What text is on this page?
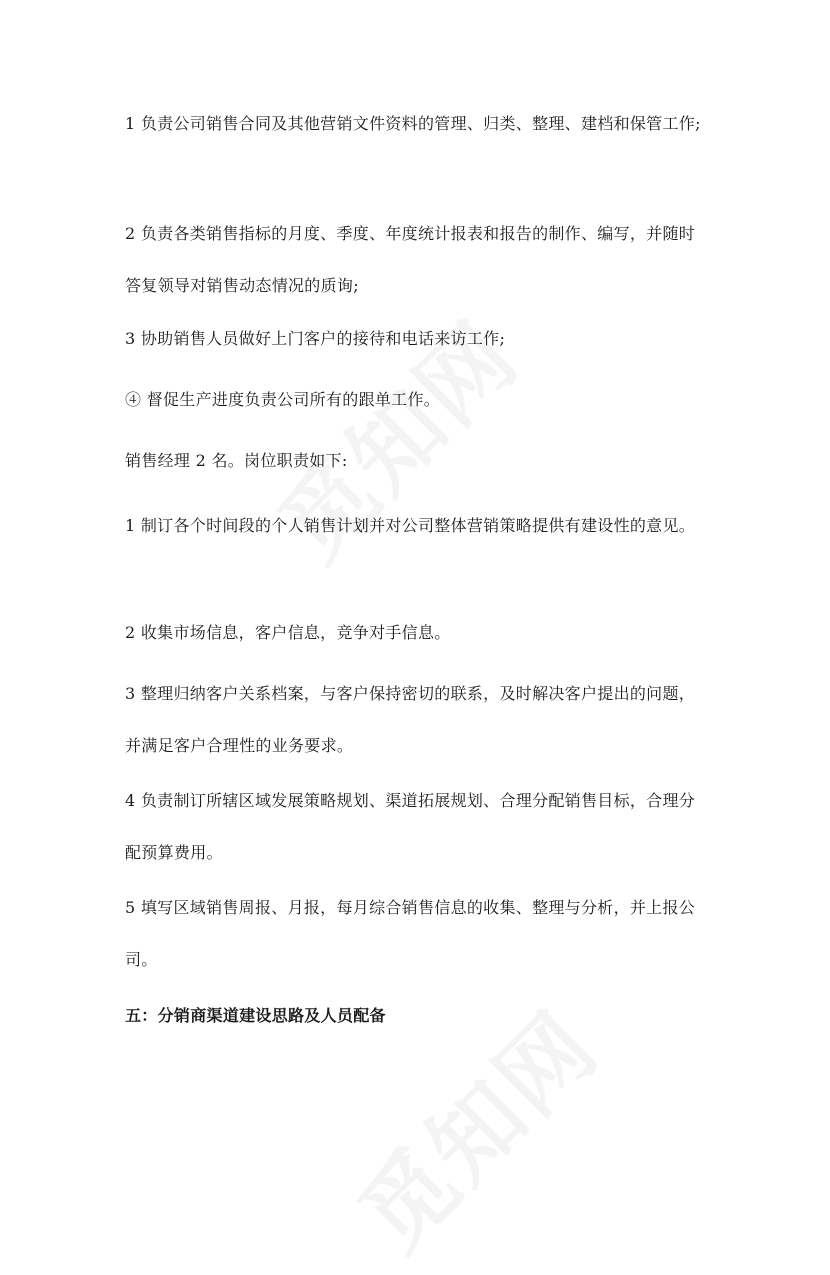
1 负责公司销售合同及其他营销文件资料的管理、归类、整理、建档和保管工作;

2 负责各类销售指标的月度、季度、年度统计报表和报告的制作、编写，并随时答复领导对销售动态情况的质询;

3 协助销售人员做好上门客户的接待和电话来访工作;

④ 督促生产进度负责公司所有的跟单工作。

销售经理 2 名。岗位职责如下:

1 制订各个时间段的个人销售计划并对公司整体营销策略提供有建设性的意见。

2 收集市场信息，客户信息，竞争对手信息。

3 整理归纳客户关系档案，与客户保持密切的联系，及时解决客户提出的问题，并满足客户合理性的业务要求。

4 负责制订所辖区域发展策略规划、渠道拓展规划、合理分配销售目标，合理分配预算费用。

5 填写区域销售周报、月报，每月综合销售信息的收集、整理与分析，并上报公司。

五：分销商渠道建设思路及人员配备
